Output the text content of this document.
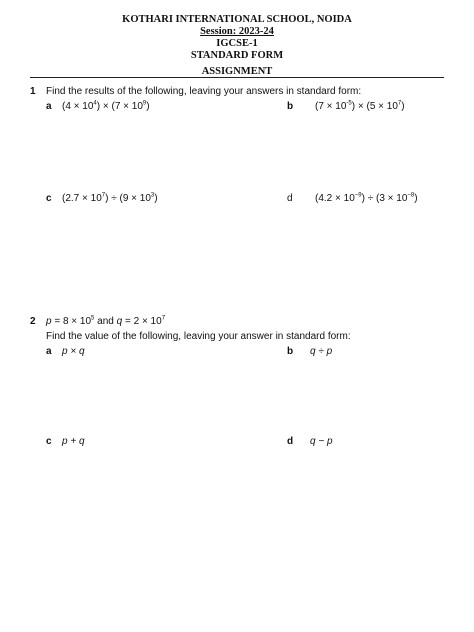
KOTHARI INTERNATIONAL SCHOOL, NOIDA
Session: 2023-24
IGCSE-1
STANDARD FORM
ASSIGNMENT
1 Find the results of the following, leaving your answers in standard form:
a $(4 \times 10^4) \times (7 \times 10^9)$	b $(7 \times 10^{-5}) \times (5 \times 10^7)$
c $(2.7 \times 10^7) \div (9 \times 10^3)$	d $(4.2 \times 10^{-9}) \div (3 \times 10^{-8})$
2 $p = 8 \times 10^5$ and $q = 2 \times 10^7$
Find the value of the following, leaving your answer in standard form:
a p × q	b q ÷ p
c p + q	d q − p
